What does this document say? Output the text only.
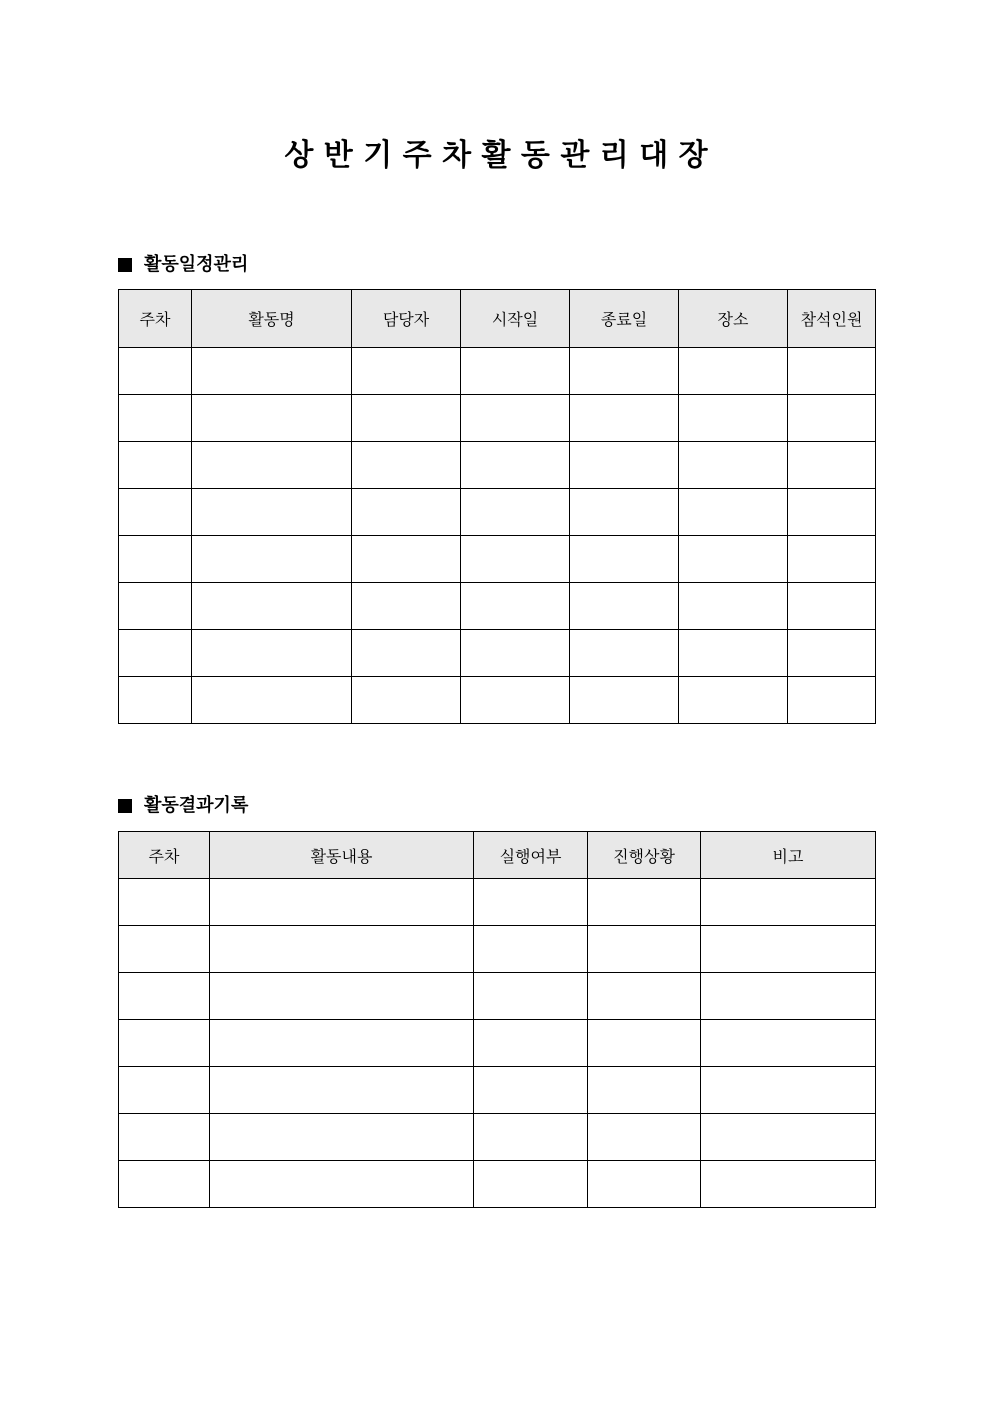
상 반 기 주 차 활 동 관 리 대 장
활동일정관리
주차	활동명	담당자	시작일	종료일	장소	참석인원

활동결과기록
주차	활동내용	실행여부	진행상황	비고
